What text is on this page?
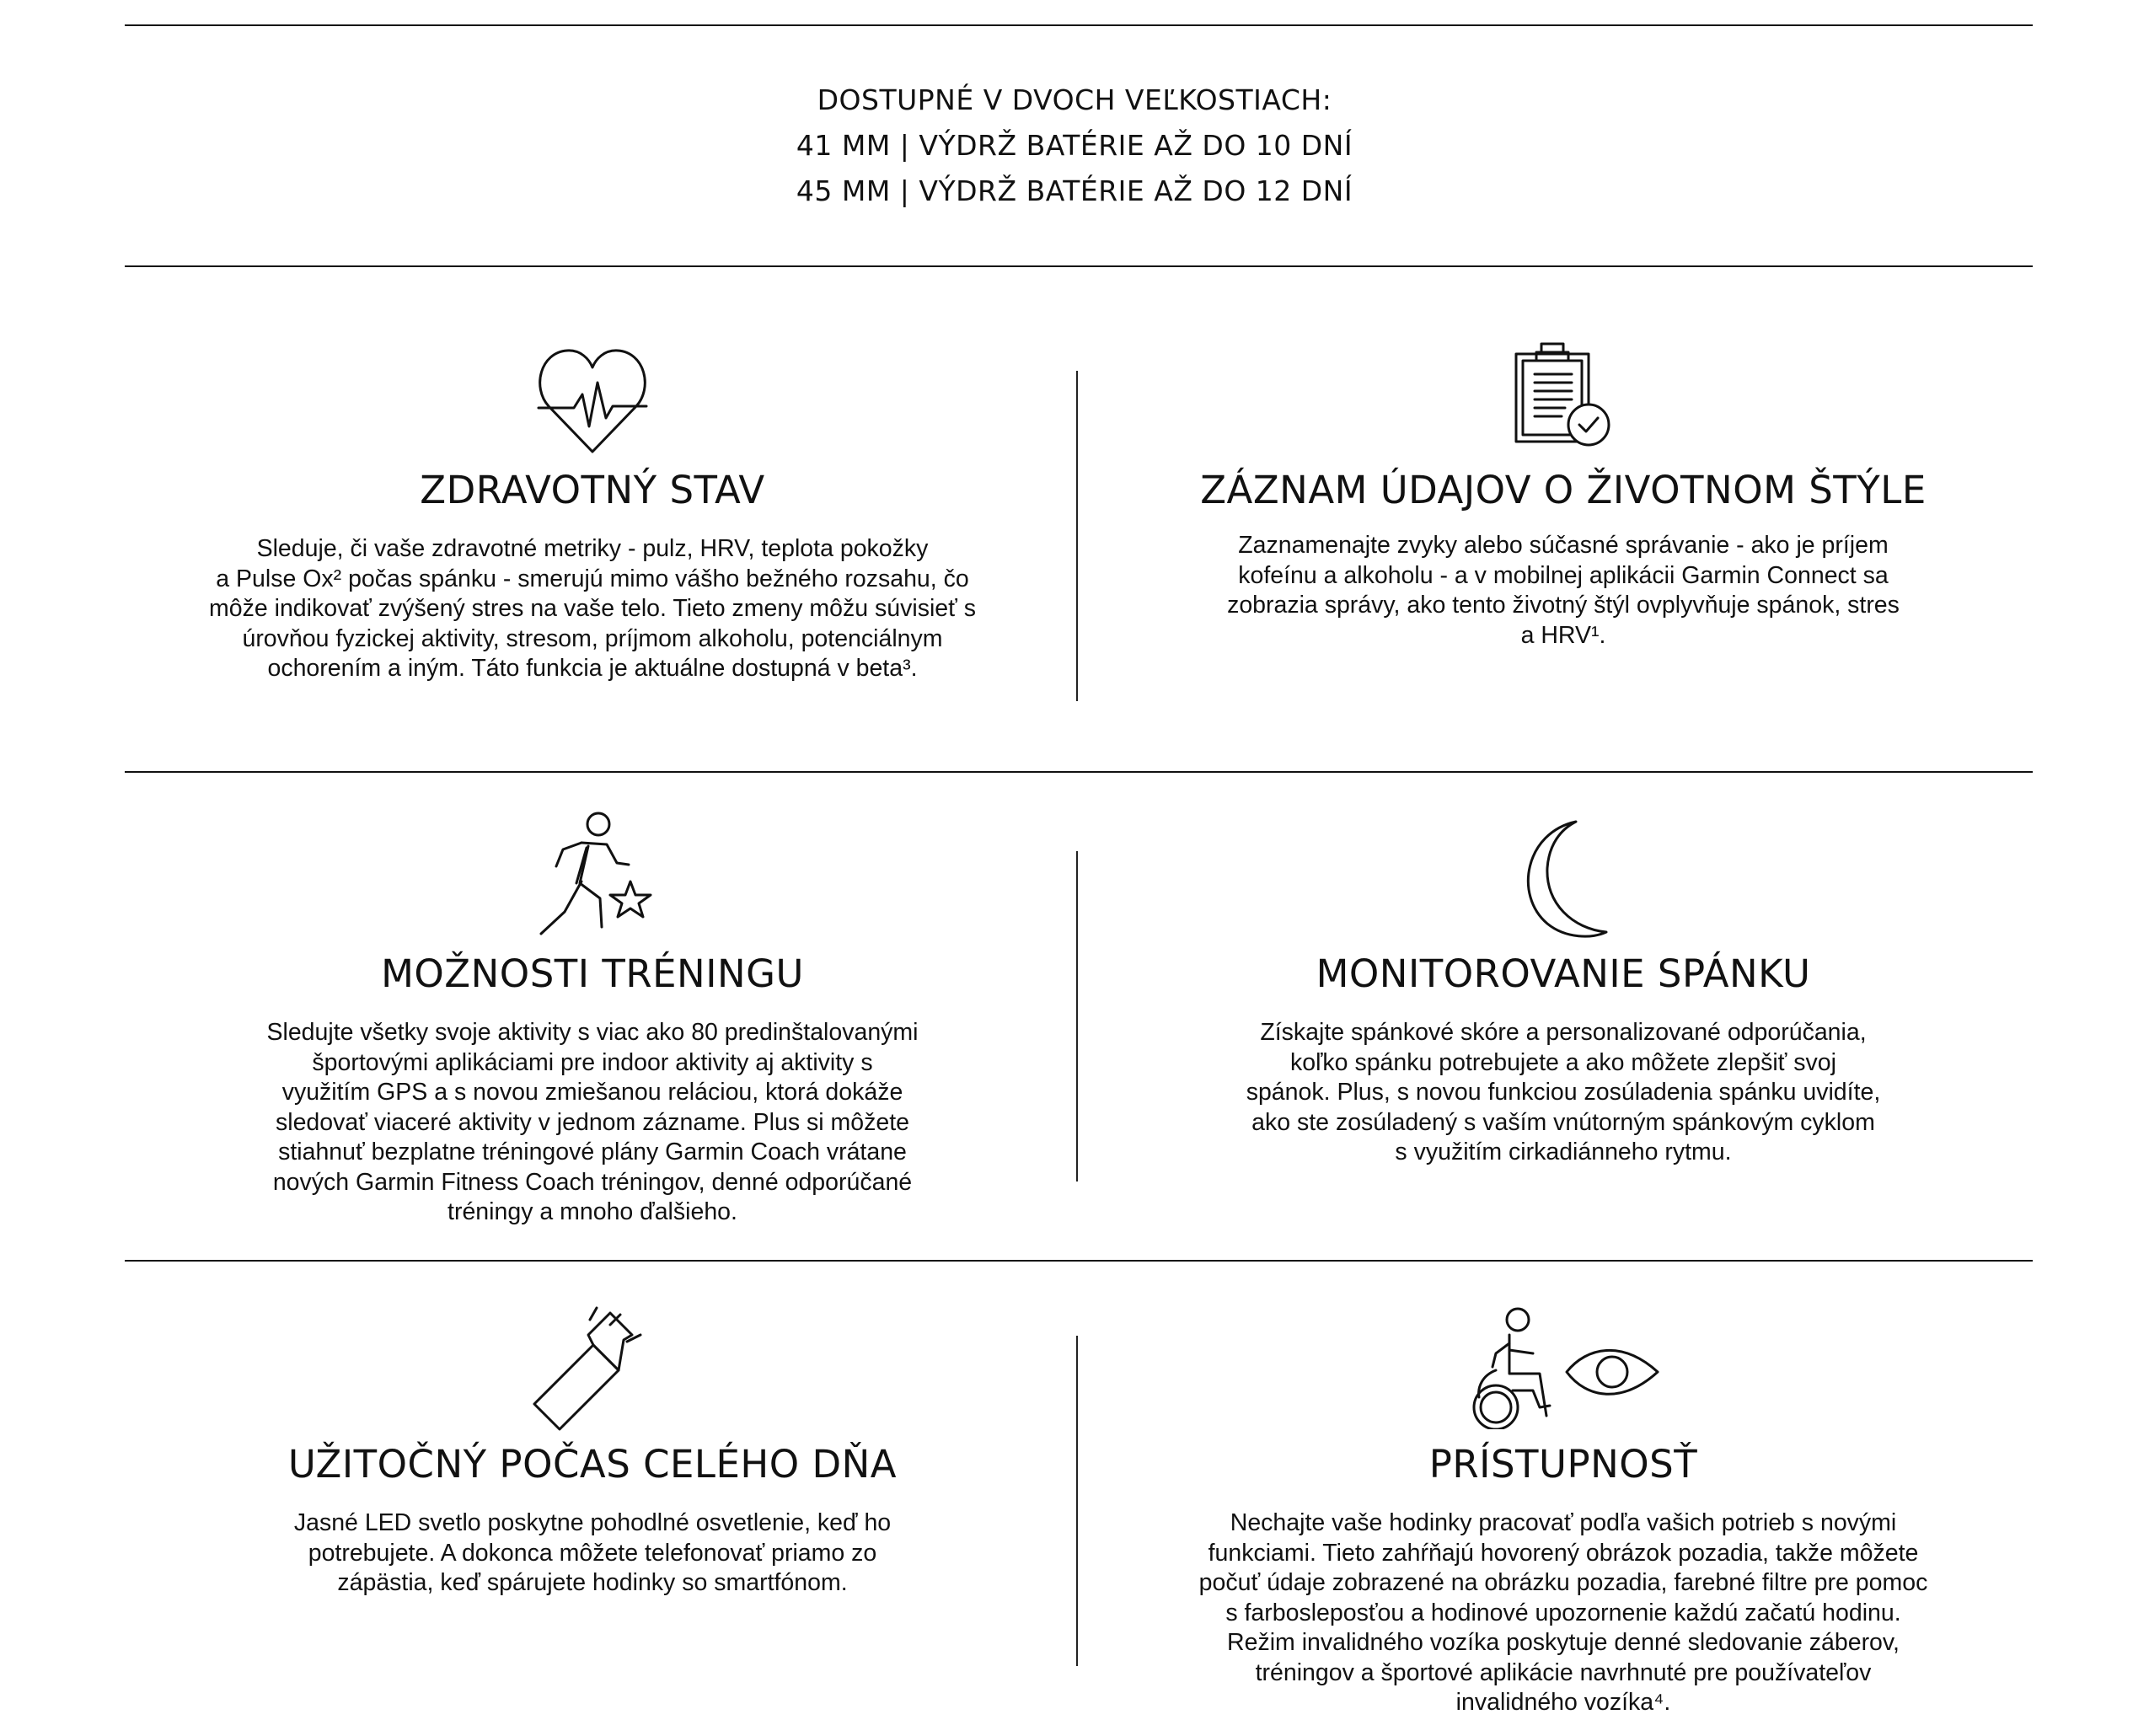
DOSTUPNÉ V DVOCH VEĽKOSTIACH:
41 MM | VÝDRŽ BATÉRIE AŽ DO 10 DNÍ
45 MM | VÝDRŽ BATÉRIE AŽ DO 12 DNÍ
ZDRAVOTNÝ STAV

Sleduje, či vaše zdravotné metriky - pulz, HRV, teplota pokožky
a Pulse Ox² počas spánku - smerujú mimo vášho bežného rozsahu, čo
môže indikovať zvýšený stres na vaše telo. Tieto zmeny môžu súvisieť s
úrovňou fyzickej aktivity, stresom, príjmom alkoholu, potenciálnym
ochorením a iným. Táto funkcia je aktuálne dostupná v beta³.

ZÁZNAM ÚDAJOV O ŽIVOTNOM ŠTÝLE

Zaznamenajte zvyky alebo súčasné správanie - ako je príjem
kofeínu a alkoholu - a v mobilnej aplikácii Garmin Connect sa
zobrazia správy, ako tento životný štýl ovplyvňuje spánok, stres
a HRV¹.

MOŽNOSTI TRÉNINGU

Sledujte všetky svoje aktivity s viac ako 80 predinštalovanými
športovými aplikáciami pre indoor aktivity aj aktivity s
využitím GPS a s novou zmiešanou reláciou, ktorá dokáže
sledovať viaceré aktivity v jednom zázname. Plus si môžete
stiahnuť bezplatne tréningové plány Garmin Coach vrátane
nových Garmin Fitness Coach tréningov, denné odporúčané
tréningy a mnoho ďalšieho.

MONITOROVANIE SPÁNKU

Získajte spánkové skóre a personalizované odporúčania,
koľko spánku potrebujete a ako môžete zlepšiť svoj
spánok. Plus, s novou funkciou zosúladenia spánku uvidíte,
ako ste zosúladený s vaším vnútorným spánkovým cyklom
s využitím cirkadiánneho rytmu.

UŽITOČNÝ POČAS CELÉHO DŇA

Jasné LED svetlo poskytne pohodlné osvetlenie, keď ho
potrebujete. A dokonca môžete telefonovať priamo zo
zápästia, keď spárujete hodinky so smartfónom.

PRÍSTUPNOSŤ

Nechajte vaše hodinky pracovať podľa vašich potrieb s novými
funkciami. Tieto zahŕňajú hovorený obrázok pozadia, takže môžete
počuť údaje zobrazené na obrázku pozadia, farebné filtre pre pomoc
s farbosleposťou a hodinové upozornenie každú začatú hodinu.
Režim invalidného vozíka poskytuje denné sledovanie záberov,
tréningov a športové aplikácie navrhnuté pre používateľov
invalidného vozíka⁴.
